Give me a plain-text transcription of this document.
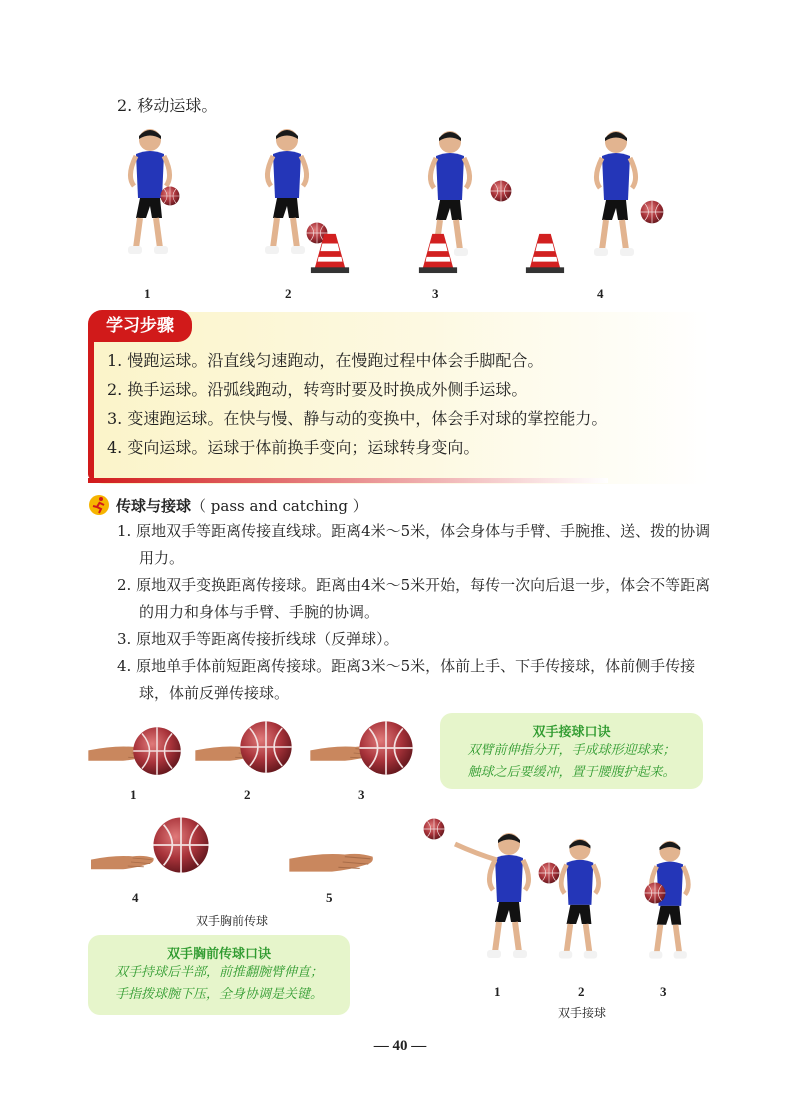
2. 移动运球。
1	2	3	4
学习步骤
1. 慢跑运球。沿直线匀速跑动，在慢跑过程中体会手脚配合。
2. 换手运球。沿弧线跑动，转弯时要及时换成外侧手运球。
3. 变速跑运球。在快与慢、静与动的变换中，体会手对球的掌控能力。
4. 变向运球。运球于体前换手变向；运球转身变向。
传球与接球（ pass and catching ）
1. 原地双手等距离传接直线球。距离4米～5米，体会身体与手臂、手腕推、送、拨的协调用力。
2. 原地双手变换距离传接球。距离由4米～5米开始，每传一次向后退一步，体会不等距离的用力和身体与手臂、手腕的协调。
3. 原地双手等距离传接折线球（反弹球）。
4. 原地单手体前短距离传接球。距离3米～5米，体前上手、下手传接球，体前侧手传接球，体前反弹传接球。
双手接球口诀
双臂前伸指分开，手成球形迎球来；
触球之后要缓冲，置于腰腹护起来。
1	2	3
4	5
双手胸前传球
双手胸前传球口诀
双手持球后半部，前推翻腕臂伸直；
手指拨球腕下压，全身协调是关键。	1	2	3
双手接球
— 40 —
